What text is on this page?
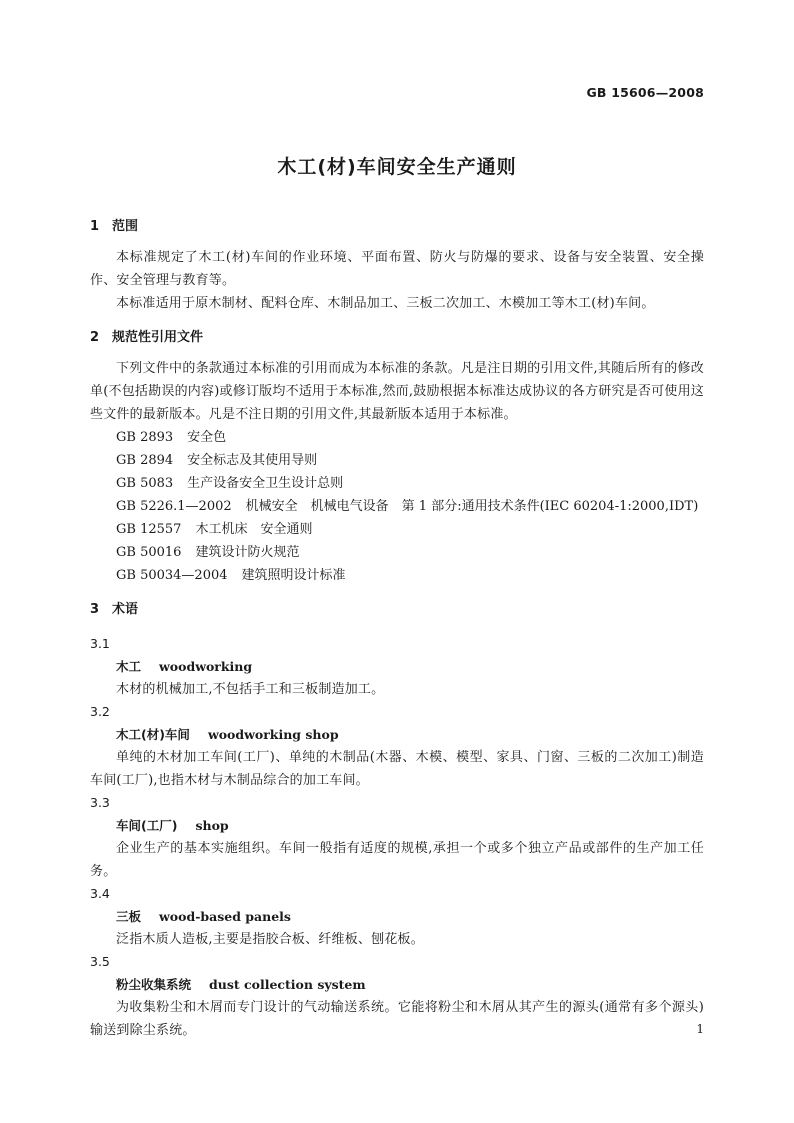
GB 15606—2008
木工(材)车间安全生产通则
1 范围

本标准规定了木工(材)车间的作业环境、平面布置、防火与防爆的要求、设备与安全装置、安全操作、安全管理与教育等。

本标准适用于原木制材、配料仓库、木制品加工、三板二次加工、木模加工等木工(材)车间。

2 规范性引用文件

下列文件中的条款通过本标准的引用而成为本标准的条款。凡是注日期的引用文件,其随后所有的修改单(不包括勘误的内容)或修订版均不适用于本标准,然而,鼓励根据本标准达成协议的各方研究是否可使用这些文件的最新版本。凡是不注日期的引用文件,其最新版本适用于本标准。

GB 2893 安全色

GB 2894 安全标志及其使用导则

GB 5083 生产设备安全卫生设计总则

GB 5226.1—2002 机械安全　机械电气设备　第 1 部分:通用技术条件(IEC 60204-1:2000,IDT)

GB 12557 木工机床　安全通则

GB 50016 建筑设计防火规范

GB 50034—2004 建筑照明设计标准

3 术语

3.1

木工 woodworking

木材的机械加工,不包括手工和三板制造加工。

3.2

木工(材)车间 woodworking shop

单纯的木材加工车间(工厂)、单纯的木制品(木器、木模、模型、家具、门窗、三板的二次加工)制造车间(工厂),也指木材与木制品综合的加工车间。

3.3

车间(工厂) shop

企业生产的基本实施组织。车间一般指有适度的规模,承担一个或多个独立产品或部件的生产加工任务。

3.4

三板 wood-based panels

泛指木质人造板,主要是指胶合板、纤维板、刨花板。

3.5

粉尘收集系统 dust collection system

为收集粉尘和木屑而专门设计的气动输送系统。它能将粉尘和木屑从其产生的源头(通常有多个源头)输送到除尘系统。	1
